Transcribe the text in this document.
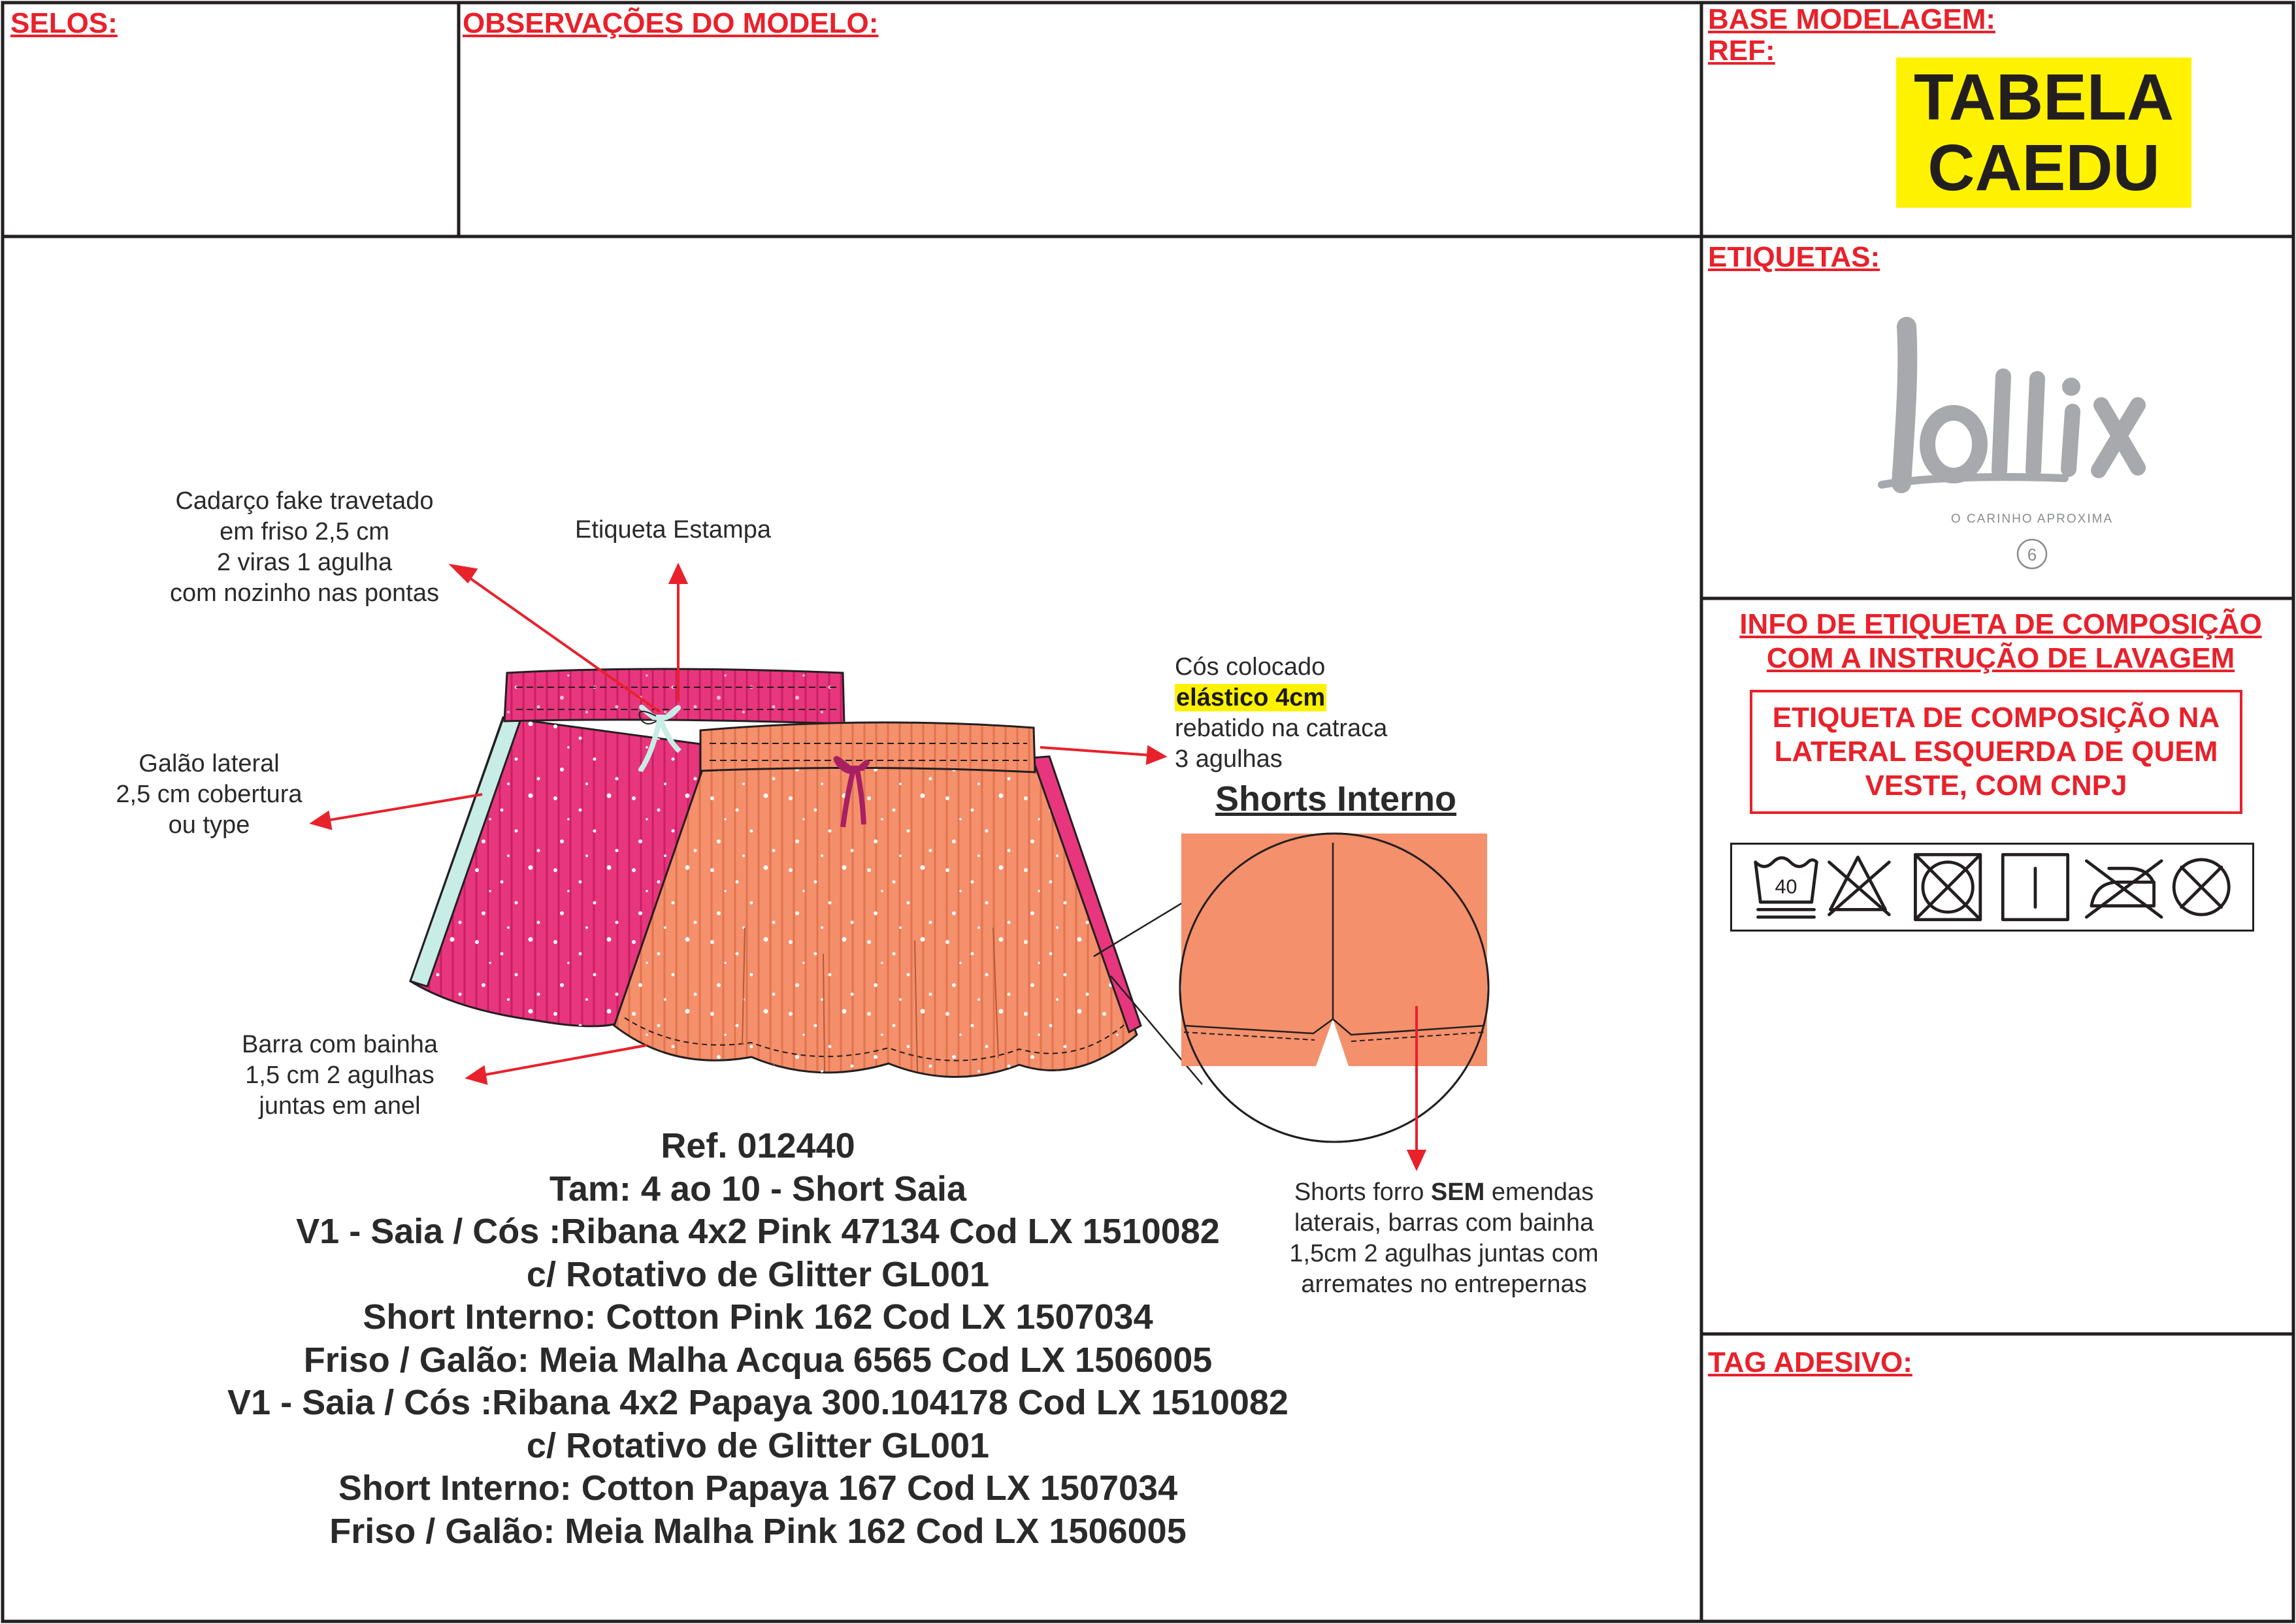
SELOS:	OBSERVAÇÕES DO MODELO:	BASE MODELAGEM:
REF:
TABELA
CAEDU
ETIQUETAS:
O CARINHO APROXIMA
6
INFO DE ETIQUETA DE COMPOSIÇÃO
COM A INSTRUÇÃO DE LAVAGEM
ETIQUETA DE COMPOSIÇÃO NA
LATERAL ESQUERDA DE QUEM
VESTE, COM CNPJ
40
TAG ADESIVO:
Cadarço fake travetado
em friso 2,5 cm
2 viras 1 agulha
com nozinho nas pontas
Etiqueta Estampa
Galão lateral
2,5 cm cobertura
ou type
Barra com bainha
1,5 cm 2 agulhas
juntas em anel
Cós colocado
elástico 4cm
rebatido na catraca
3 agulhas
Shorts Interno
Shorts forro SEM emendas
laterais, barras com bainha
1,5cm 2 agulhas juntas com
arremates no entrepernas
Ref. 012440
Tam: 4 ao 10 - Short Saia
V1 - Saia / Cós :Ribana 4x2 Pink 47134 Cod LX 1510082
c/ Rotativo de Glitter GL001
Short Interno: Cotton Pink 162 Cod LX 1507034
Friso / Galão: Meia Malha Acqua 6565 Cod LX 1506005
V1 - Saia / Cós :Ribana 4x2 Papaya 300.104178 Cod LX 1510082
c/ Rotativo de Glitter GL001
Short Interno: Cotton Papaya 167 Cod LX 1507034
Friso / Galão: Meia Malha Pink 162 Cod LX 1506005
